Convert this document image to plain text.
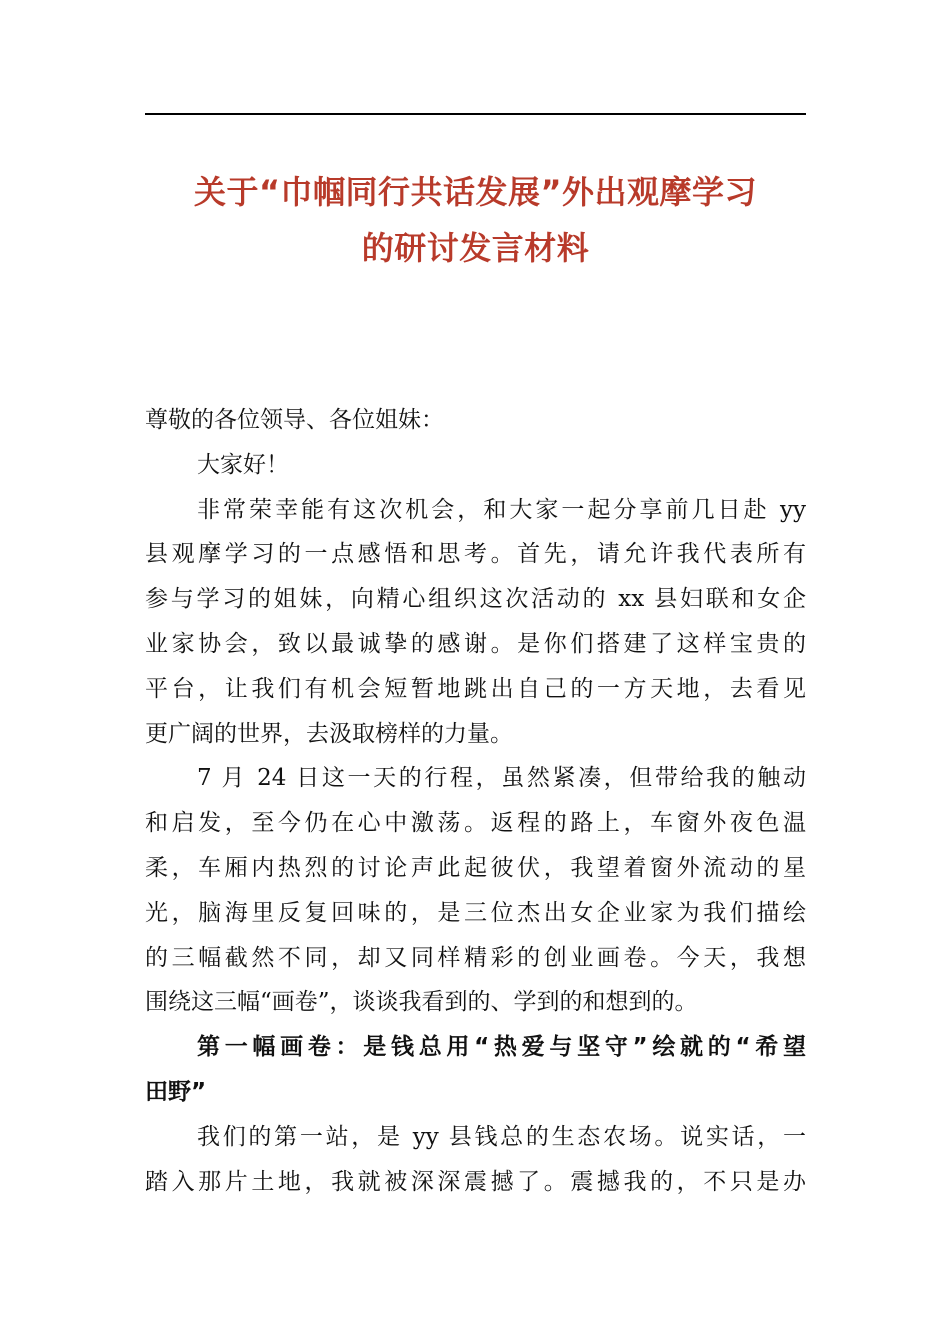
关于“巾帼同行共话发展”外出观摩学习
的研讨发言材料

尊敬的各位领导、各位姐妹：

大家好！

非常荣幸能有这次机会，和大家一起分享前几日赴 yy
县观摩学习的一点感悟和思考。首先，请允许我代表所有
参与学习的姐妹，向精心组织这次活动的 xx 县妇联和女企
业家协会，致以最诚挚的感谢。是你们搭建了这样宝贵的
平台，让我们有机会短暂地跳出自己的一方天地，去看见
更广阔的世界，去汲取榜样的力量。

7 月 24 日这一天的行程，虽然紧凑，但带给我的触动
和启发，至今仍在心中激荡。返程的路上，车窗外夜色温
柔，车厢内热烈的讨论声此起彼伏，我望着窗外流动的星
光，脑海里反复回味的，是三位杰出女企业家为我们描绘
的三幅截然不同，却又同样精彩的创业画卷。今天，我想
围绕这三幅“画卷”，谈谈我看到的、学到的和想到的。

第一幅画卷：是钱总用“热爱与坚守”绘就的“希望
田野”

我们的第一站，是 yy 县钱总的生态农场。说实话，一
踏入那片土地，我就被深深震撼了。震撼我的，不只是办
